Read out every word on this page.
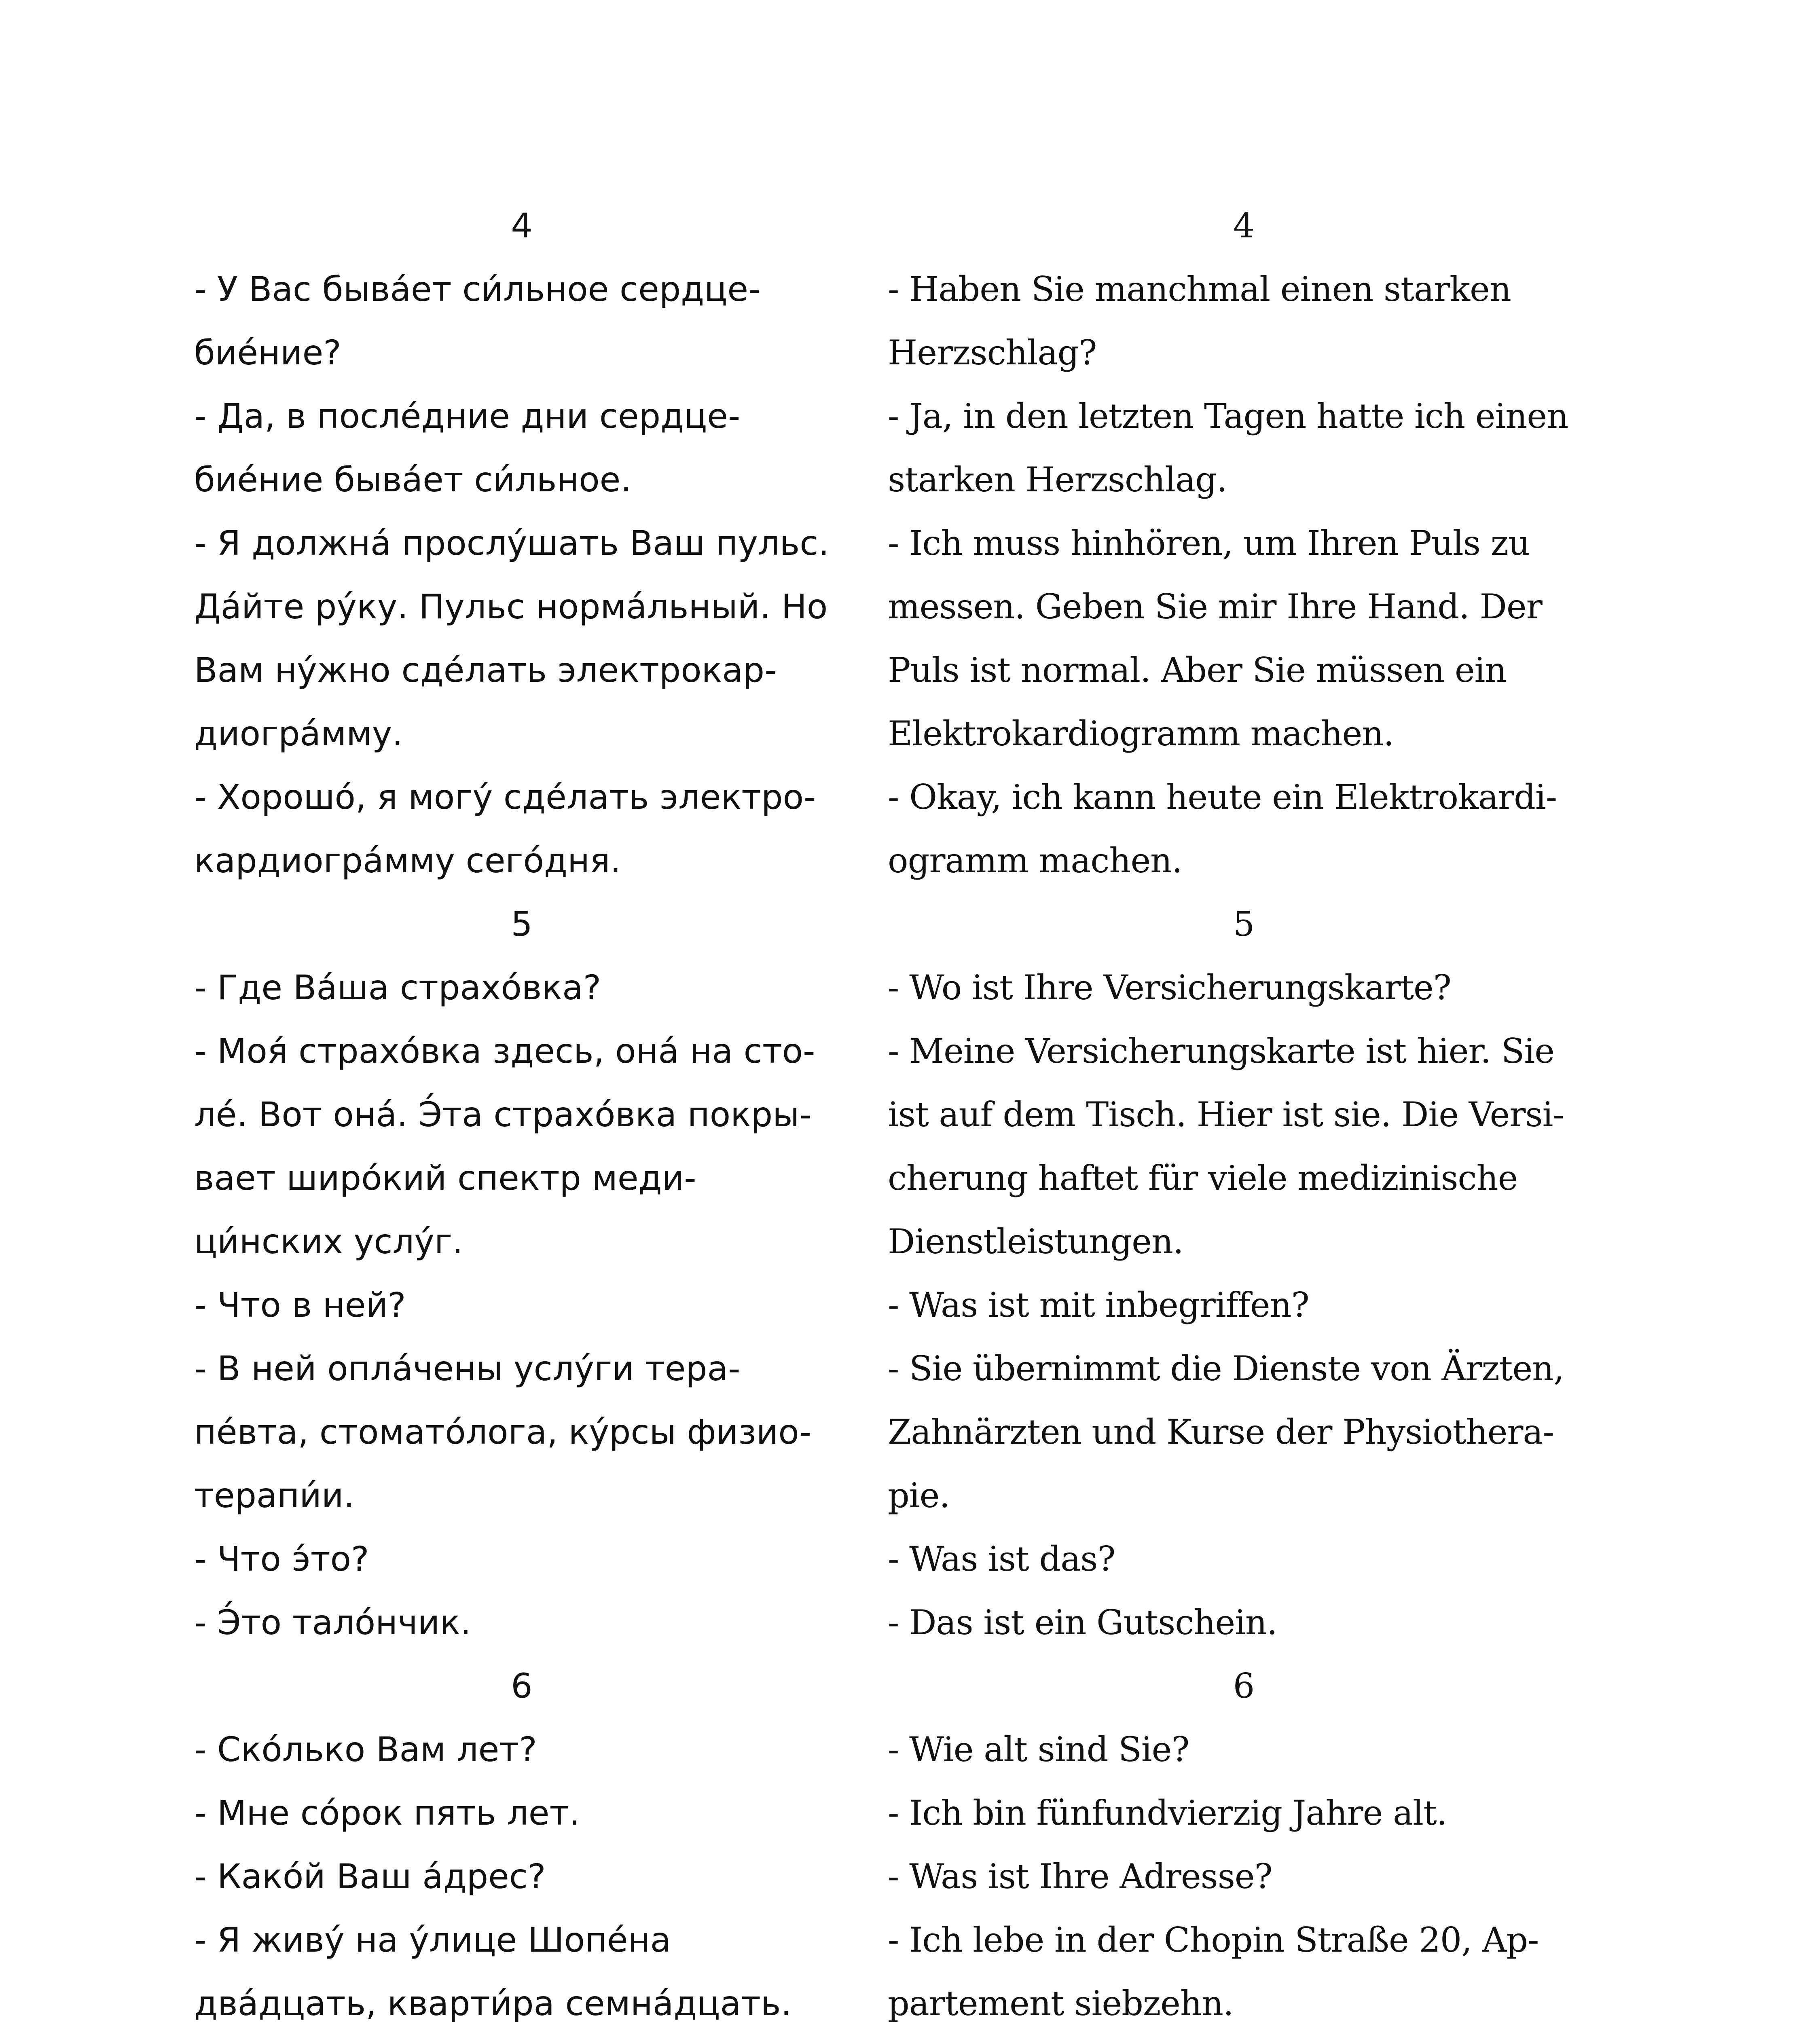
4
- У Вас быва́ет си́льное сердце-
бие́ние?
- Да, в после́дние дни сердце-
бие́ние быва́ет си́льное.
- Я должна́ прослу́шать Ваш пульс.
Да́йте ру́ку. Пульс норма́льный. Но
Вам ну́жно сде́лать электрокар-
диогра́мму.
- Хорошо́, я могу́ сде́лать электро-
кардиогра́мму сего́дня.
5
- Где Ва́ша страхо́вка?
- Моя́ страхо́вка здесь, она́ на сто-
ле́. Вот она́. Э́та страхо́вка покры-
вает широ́кий спектр меди-
ци́нских услу́г.
- Что в ней?
- В ней опла́чены услу́ги тера-
пе́вта, стомато́лога, ку́рсы физио-
терапи́и.
- Что э́то?
- Э́то тало́нчик.
6
- Ско́лько Вам лет?
- Мне со́рок пять лет.
- Како́й Ваш а́дрес?
- Я живу́ на у́лице Шопе́на
два́дцать, кварти́ра семна́дцать.
4
- Haben Sie manchmal einen starken
Herzschlag?
- Ja, in den letzten Tagen hatte ich einen
starken Herzschlag.
- Ich muss hinhören, um Ihren Puls zu
messen. Geben Sie mir Ihre Hand. Der
Puls ist normal. Aber Sie müssen ein
Elektrokardiogramm machen.
- Okay, ich kann heute ein Elektrokardi-
ogramm machen.
5
- Wo ist Ihre Versicherungskarte?
- Meine Versicherungskarte ist hier. Sie
ist auf dem Tisch. Hier ist sie. Die Versi-
cherung haftet für viele medizinische
Dienstleistungen.
- Was ist mit inbegriffen?
- Sie übernimmt die Dienste von Ärzten,
Zahnärzten und Kurse der Physiothera-
pie.
- Was ist das?
- Das ist ein Gutschein.
6
- Wie alt sind Sie?
- Ich bin fünfundvierzig Jahre alt.
- Was ist Ihre Adresse?
- Ich lebe in der Chopin Straße 20, Ap-
partement siebzehn.
